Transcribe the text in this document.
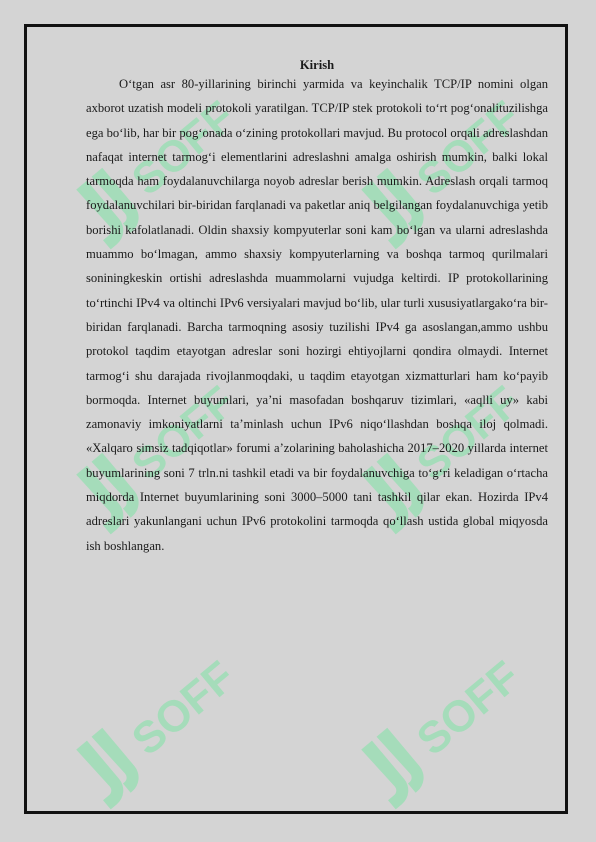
SOFF	SOFF
SOFF	SOFF
SOFF	SOFF
Kirish

O‘tgan asr 80-yillarining birinchi yarmida va keyinchalik TCP/IP nomini olgan axborot uzatish modeli protokoli yaratilgan. TCP/IP stek protokoli to‘rt pog‘onalituzilishga ega bo‘lib, har bir pog‘onada o‘zining protokollari mavjud. Bu protocol orqali adreslashdan nafaqat internet tarmog‘i elementlarini adreslashni amalga oshirish mumkin, balki lokal tarmoqda ham foydalanuvchilarga noyob adreslar berish mumkin. Adreslash orqali tarmoq foydalanuvchilari bir-biridan farqlanadi va paketlar aniq belgilangan foydalanuvchiga yetib borishi kafolatlanadi. Oldin shaxsiy kompyuterlar soni kam bo‘lgan va ularni adreslashda muammo bo‘lmagan, ammo shaxsiy kompyuterlarning va boshqa tarmoq qurilmalari soniningkeskin ortishi adreslashda muammolarni vujudga keltirdi. IP protokollarining to‘rtinchi IPv4 va oltinchi IPv6 versiyalari mavjud bo‘lib, ular turli xususiyatlargako‘ra bir-biridan farqlanadi. Barcha tarmoqning asosiy tuzilishi IPv4 ga asoslangan,ammo ushbu protokol taqdim etayotgan adreslar soni hozirgi ehtiyojlarni qondira olmaydi. Internet tarmog‘i shu darajada rivojlanmoqdaki, u taqdim etayotgan xizmatturlari ham ko‘payib bormoqda. Internet buyumlari, ya’ni masofadan boshqaruv tizimlari, «aqlli uy» kabi zamonaviy imkoniyatlarni ta’minlash uchun IPv6 niqo‘llashdan boshqa iloj qolmadi. «Xalqaro simsiz tadqiqotlar» forumi a’zolarining baholashicha 2017–2020 yillarda internet buyumlarining soni 7 trln.ni tashkil etadi va bir foydalanuvchiga to‘g‘ri keladigan o‘rtacha miqdorda Internet buyumlarining soni 3000–5000 tani tashkil qilar ekan. Hozirda IPv4 adreslari yakunlangani uchun IPv6 protokolini tarmoqda qo‘llash ustida global miqyosda ish boshlangan.
